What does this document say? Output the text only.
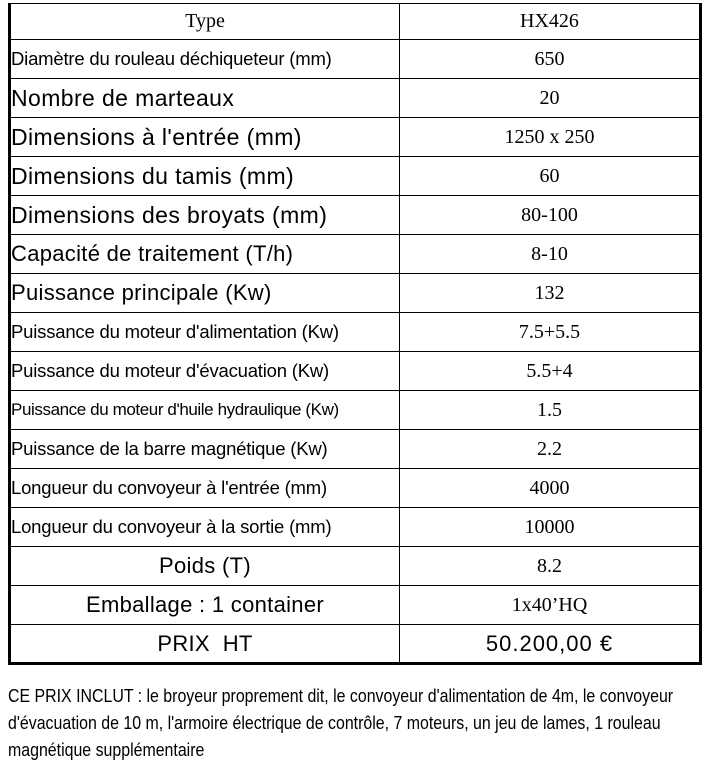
Type	HX426
Diamètre du rouleau déchiqueteur (mm)	650
Nombre de marteaux	20
Dimensions à l'entrée (mm)	1250 x 250
Dimensions du tamis (mm)	60
Dimensions des broyats (mm)	80-100
Capacité de traitement (T/h)	8-10
Puissance principale (Kw)	132
Puissance du moteur d'alimentation (Kw)	7.5+5.5
Puissance du moteur d'évacuation (Kw)	5.5+4
Puissance du moteur d'huile hydraulique (Kw)	1.5
Puissance de la barre magnétique (Kw)	2.2
Longueur du convoyeur à l'entrée (mm)	4000
Longueur du convoyeur à la sortie (mm)	10000
Poids (T)	8.2
Emballage : 1 container	1x40’HQ
PRIX  HT	50.200,00 €
CE PRIX INCLUT : le broyeur proprement dit, le convoyeur d'alimentation de 4m, le convoyeur d'évacuation de 10 m, l'armoire électrique de contrôle, 7 moteurs, un jeu de lames, 1 rouleau magnétique supplémentaire
